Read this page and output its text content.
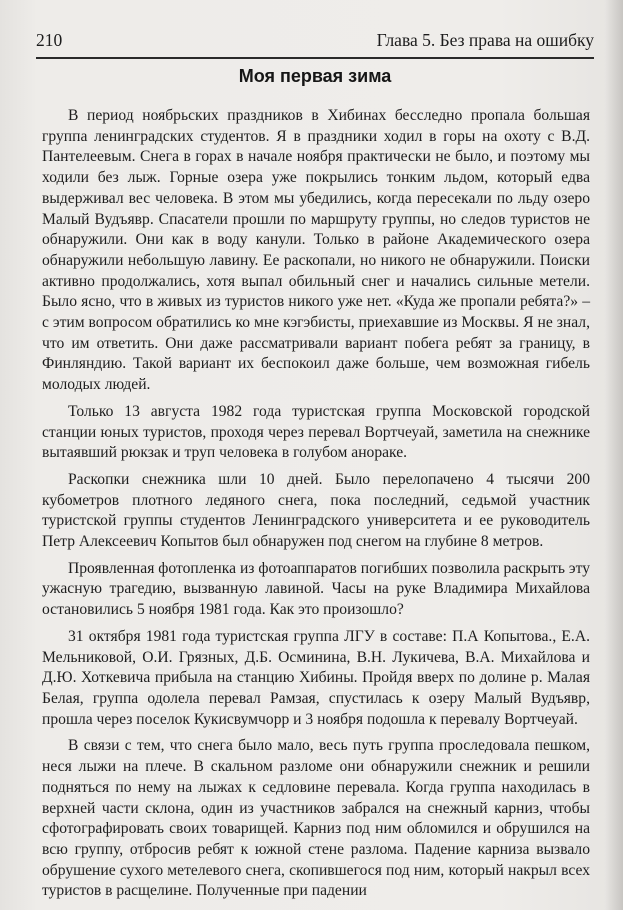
210	Глава 5. Без права на ошибку
Моя первая зима

В период ноябрьских праздников в Хибинах бесследно пропала большая группа ленинградских студентов. Я в праздники ходил в горы на охоту с В.Д. Пантелеевым. Снега в горах в начале ноября практически не было, и поэтому мы ходили без лыж. Горные озера уже покрылись тонким льдом, который едва выдерживал вес человека. В этом мы убедились, когда пересекали по льду озеро Малый Вудъявр. Спасатели прошли по маршруту группы, но следов туристов не обнаружили. Они как в воду канули. Только в районе Академического озера обнаружили небольшую лавину. Ее раскопали, но никого не обнаружили. Поиски активно продолжались, хотя выпал обильный снег и начались сильные метели. Было ясно, что в живых из туристов никого уже нет. «Куда же пропали ребята?» – с этим вопросом обратились ко мне кэгэбисты, приехавшие из Москвы. Я не знал, что им ответить. Они даже рассматривали вариант побега ребят за границу, в Финляндию. Такой вариант их беспокоил даже больше, чем возможная гибель молодых людей.

Только 13 августа 1982 года туристская группа Московской городской станции юных туристов, проходя через перевал Вортчеуай, заметила на снежнике вытаявший рюкзак и труп человека в голубом анораке.

Раскопки снежника шли 10 дней. Было перелопачено 4 тысячи 200 кубометров плотного ледяного снега, пока последний, седьмой участник туристской группы студентов Ленинградского университета и ее руководитель Петр Алексеевич Копытов был обнаружен под снегом на глубине 8 метров.

Проявленная фотопленка из фотоаппаратов погибших позволила раскрыть эту ужасную трагедию, вызванную лавиной. Часы на руке Владимира Михайлова остановились 5 ноября 1981 года. Как это произошло?

31 октября 1981 года туристская группа ЛГУ в составе: П.А Копытова., Е.А. Мельниковой, О.И. Грязных, Д.Б. Осминина, В.Н. Лукичева, В.А. Михайлова и Д.Ю. Хоткевича прибыла на станцию Хибины. Пройдя вверх по долине р. Малая Белая, группа одолела перевал Рамзая, спустилась к озеру Малый Вудъявр, прошла через поселок Кукисвумчорр и 3 ноября подошла к перевалу Вортчеуай.

В связи с тем, что снега было мало, весь путь группа проследовала пешком, неся лыжи на плече. В скальном разломе они обнаружили снежник и решили подняться по нему на лыжах к седловине перевала. Когда группа находилась в верхней части склона, один из участников забрался на снежный карниз, чтобы сфотографировать своих товарищей. Карниз под ним обломился и обрушился на всю группу, отбросив ребят к южной стене разлома. Падение карниза вызвало обрушение сухого метелевого снега, скопившегося под ним, который накрыл всех туристов в расщелине. Полученные при падении
